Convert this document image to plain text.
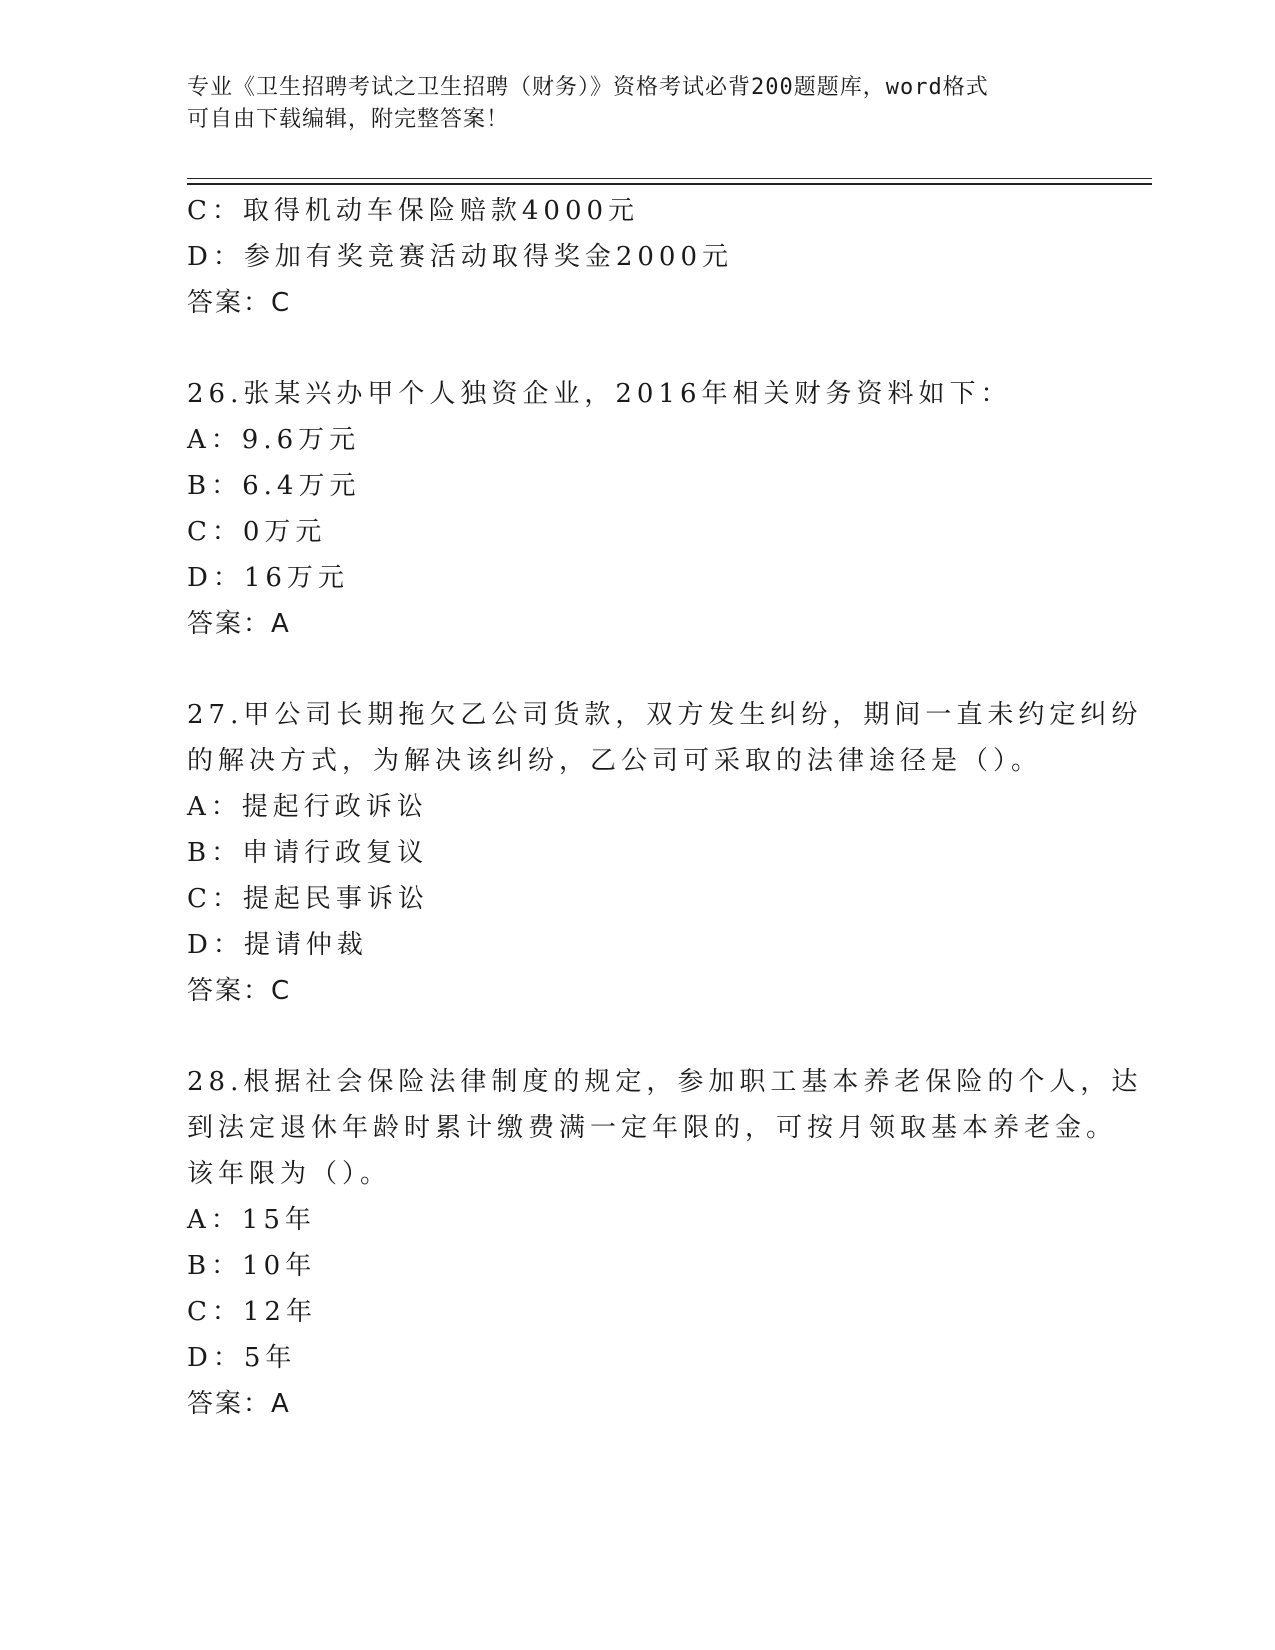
专业《卫生招聘考试之卫生招聘（财务）》资格考试必背200题题库，word格式
可自由下载编辑，附完整答案！
C：取得机动车保险赔款4000元
D：参加有奖竞赛活动取得奖金2000元
答案：C
26.张某兴办甲个人独资企业，2016年相关财务资料如下：
A：9.6万元
B：6.4万元
C：0万元
D：16万元
答案：A
27.甲公司长期拖欠乙公司货款，双方发生纠纷，期间一直未约定纠纷
的解决方式，为解决该纠纷，乙公司可采取的法律途径是（）。
A：提起行政诉讼
B：申请行政复议
C：提起民事诉讼
D：提请仲裁
答案：C
28.根据社会保险法律制度的规定，参加职工基本养老保险的个人，达
到法定退休年龄时累计缴费满一定年限的，可按月领取基本养老金。
该年限为（）。
A：15年
B：10年
C：12年
D：5年
答案：A
